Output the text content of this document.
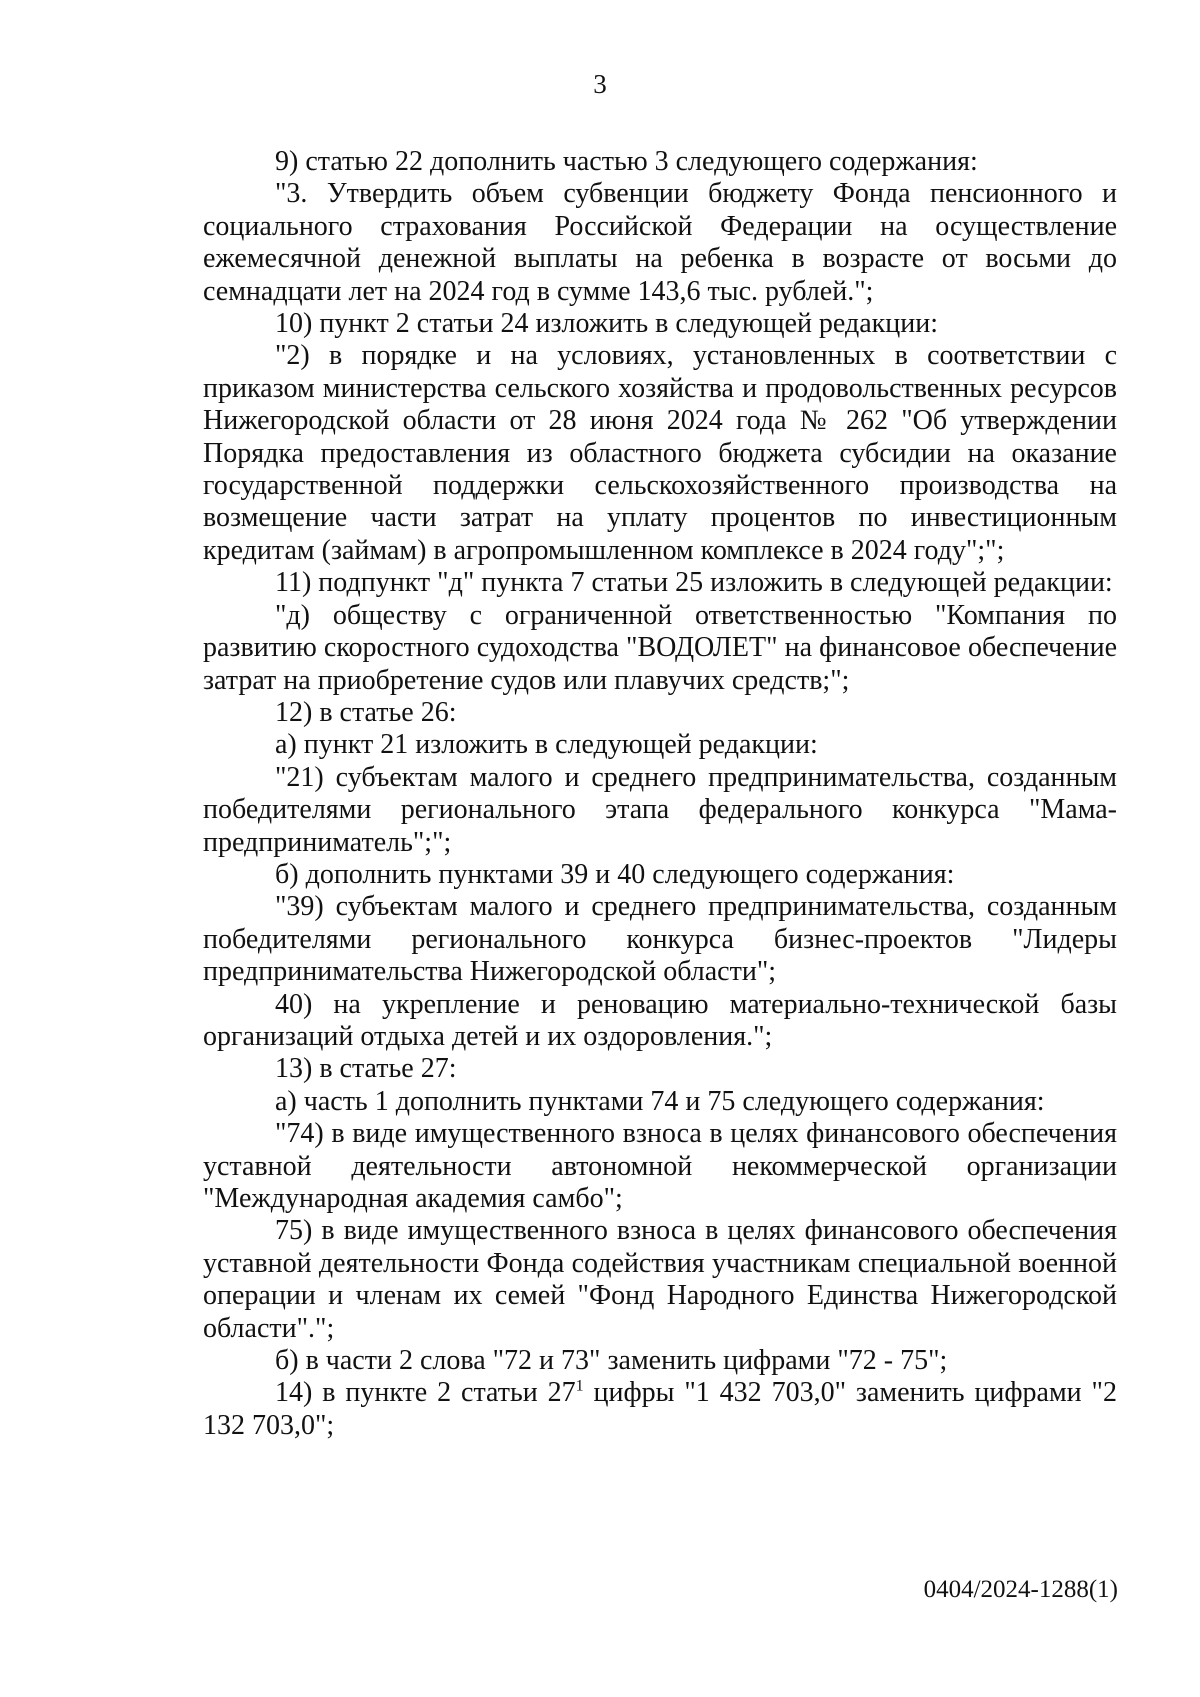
3

9) статью 22 дополнить частью 3 следующего содержания:

"3. Утвердить объем субвенции бюджету Фонда пенсионного и социального страхования Российской Федерации на осуществление ежемесячной денежной выплаты на ребенка в возрасте от восьми до семнадцати лет на 2024 год в сумме 143,6 тыс. рублей.";

10) пункт 2 статьи 24 изложить в следующей редакции:

"2) в порядке и на условиях, установленных в соответствии с приказом министерства сельского хозяйства и продовольственных ресурсов Нижегородской области от 28 июня 2024 года № 262 "Об утверждении Порядка предоставления из областного бюджета субсидии на оказание государственной поддержки сельскохозяйственного производства на возмещение части затрат на уплату процентов по инвестиционным кредитам (займам) в агропромышленном комплексе в 2024 году";";

11) подпункт "д" пункта 7 статьи 25 изложить в следующей редакции:

"д) обществу с ограниченной ответственностью "Компания по развитию скоростного судоходства "ВОДОЛЕТ" на финансовое обеспечение затрат на приобретение судов или плавучих средств;";

12) в статье 26:

а) пункт 21 изложить в следующей редакции:

"21) субъектам малого и среднего предпринимательства, созданным победителями регионального этапа федерального конкурса "Мама-предприниматель";";

б) дополнить пунктами 39 и 40 следующего содержания:

"39) субъектам малого и среднего предпринимательства, созданным победителями регионального конкурса бизнес-проектов "Лидеры предпринимательства Нижегородской области";

40) на укрепление и реновацию материально-технической базы организаций отдыха детей и их оздоровления.";

13) в статье 27:

а) часть 1 дополнить пунктами 74 и 75 следующего содержания:

"74) в виде имущественного взноса в целях финансового обеспечения уставной деятельности автономной некоммерческой организации "Международная академия самбо";

75) в виде имущественного взноса в целях финансового обеспечения уставной деятельности Фонда содействия участникам специальной военной операции и членам их семей "Фонд Народного Единства Нижегородской области".";

б) в части 2 слова "72 и 73" заменить цифрами "72 - 75";

14) в пункте 2 статьи $27^1$ цифры "1 432 703,0" заменить цифрами "2 132 703,0";

0404/2024-1288(1)
